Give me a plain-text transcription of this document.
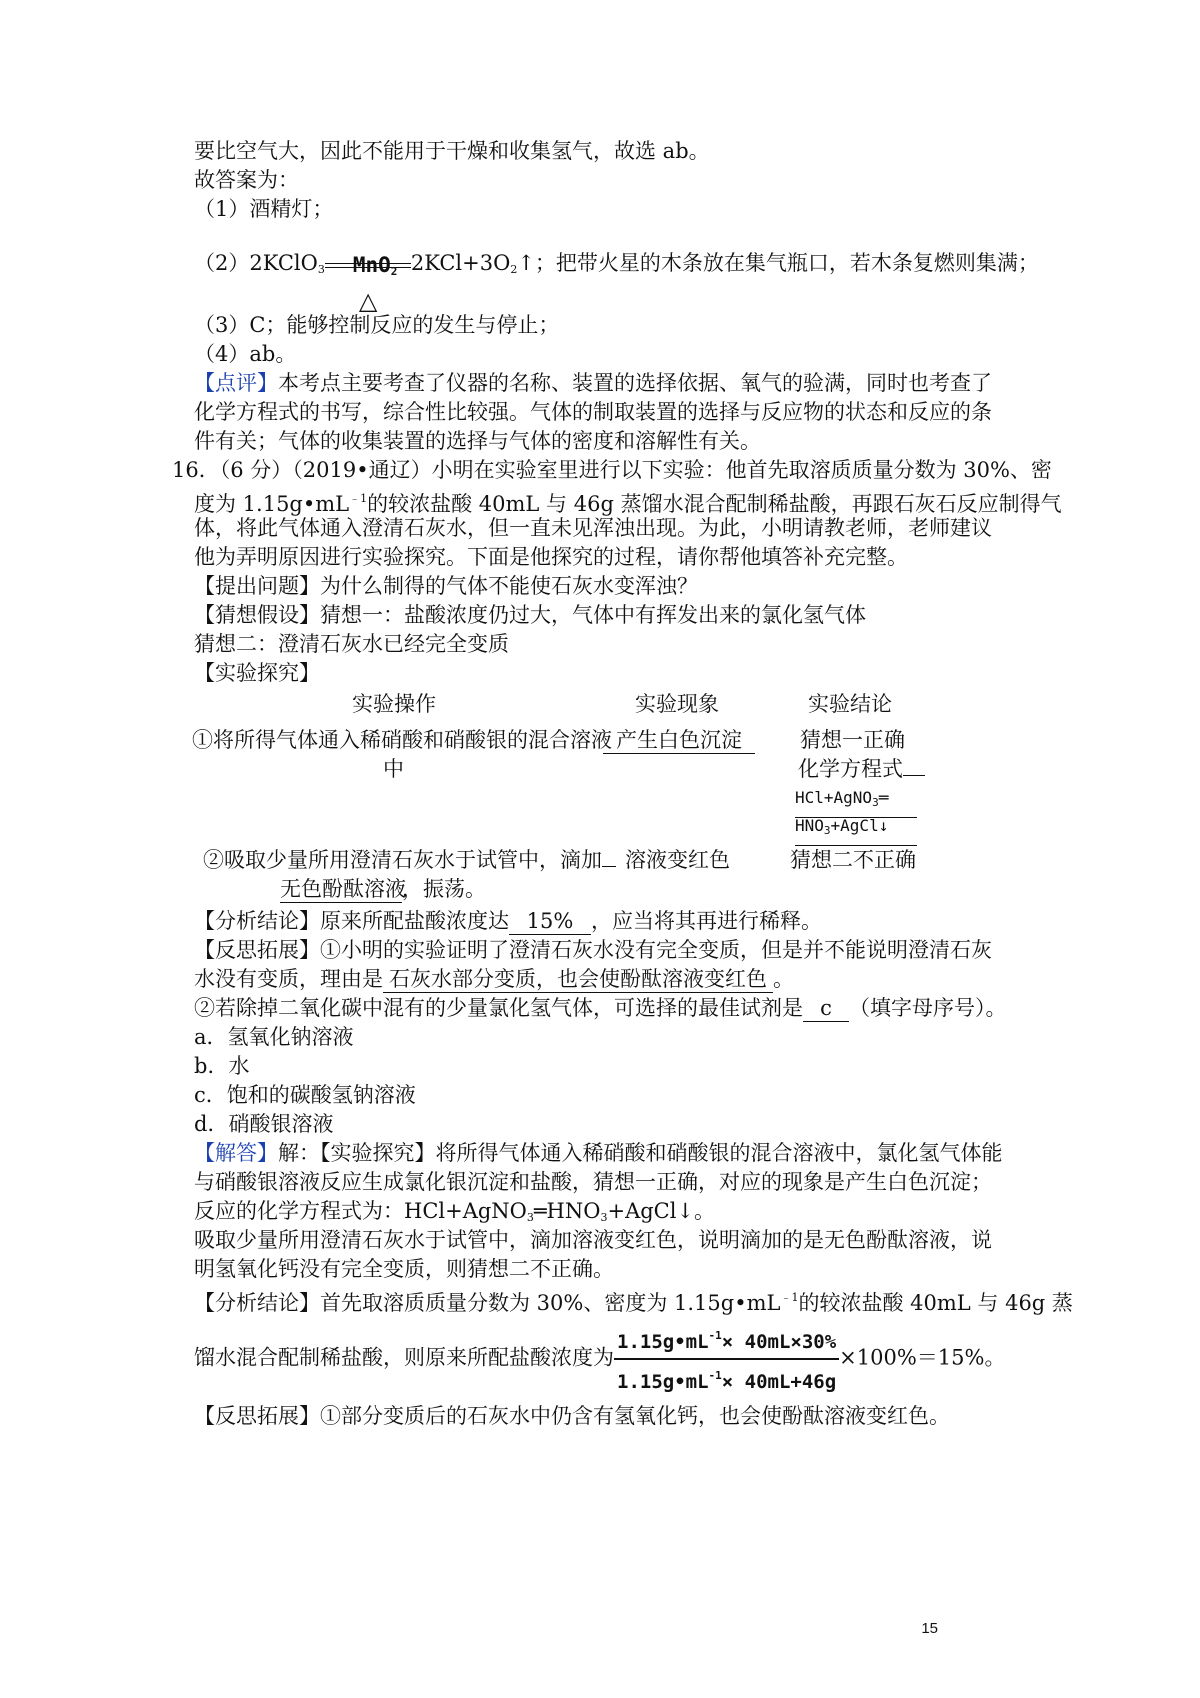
要比空气大，因此不能用于干燥和收集氢气，故选 ab。
故答案为：
（1）酒精灯；
（2）2KClO$_3$ MnO$_2$
△
$2KCl+3O_2↑$；把带火星的木条放在集气瓶口，若木条复燃则集满；
（3）C；能够控制反应的发生与停止；
（4）ab。
【点评】本考点主要考查了仪器的名称、装置的选择依据、氧气的验满，同时也考查了
化学方程式的书写，综合性比较强。气体的制取装置的选择与反应物的状态和反应的条
件有关；气体的收集装置的选择与气体的密度和溶解性有关。
16．（6 分）（2019•通辽）小明在实验室里进行以下实验：他首先取溶质质量分数为 30%、密
度为 $1.15g•mL^{﹣1}$的较浓盐酸 40mL 与 46g 蒸馏水混合配制稀盐酸，再跟石灰石反应制得气
体，将此气体通入澄清石灰水，但一直未见浑浊出现。为此，小明请教老师，老师建议
他为弄明原因进行实验探究。下面是他探究的过程，请你帮他填答补充完整。
【提出问题】为什么制得的气体不能使石灰水变浑浊？
【猜想假设】猜想一：盐酸浓度仍过大，气体中有挥发出来的氯化氢气体
猜想二：澄清石灰水已经完全变质
【实验探究】
实验操作	实验现象	实验结论
①将所得气体通入稀硝酸和硝酸银的混合溶液
中
产生白色沉淀	猜想一正确
化学方程式
HCl+AgNO$_3$═
$HNO_3+AgCl↓$
②吸取少量所用澄清石灰水于试管中，滴加
无色酚酞溶液，振荡。
溶液变红色	猜想二不正确
【分析结论】原来所配盐酸浓度达 15% ，应当将其再进行稀释。
【反思拓展】①小明的实验证明了澄清石灰水没有完全变质，但是并不能说明澄清石灰
水没有变质，理由是 石灰水部分变质，也会使酚酞溶液变红色 。
②若除掉二氧化碳中混有的少量氯化氢气体，可选择的最佳试剂是 c （填字母序号）。
a．氢氧化钠溶液
b．水
c．饱和的碳酸氢钠溶液
d．硝酸银溶液
【解答】解：【实验探究】将所得气体通入稀硝酸和硝酸银的混合溶液中，氯化氢气体能
与硝酸银溶液反应生成氯化银沉淀和盐酸，猜想一正确，对应的现象是产生白色沉淀；
反应的化学方程式为：$HCl+AgNO_3═HNO_3+AgCl↓$。
吸取少量所用澄清石灰水于试管中，滴加溶液变红色，说明滴加的是无色酚酞溶液，说
明氢氧化钙没有完全变质，则猜想二不正确。
【分析结论】首先取溶质质量分数为 30%、密度为 $1.15g•mL^{﹣1}$的较浓盐酸 40mL 与 46g 蒸
馏水混合配制稀盐酸，则原来所配盐酸浓度为 $\frac{1.15g•mL^{-1}\times 40mL\times 30\%}{1.15g•mL^{-1}\times 40mL+46g} \times 100\%=15\%$。
【反思拓展】①部分变质后的石灰水中仍含有氢氧化钙，也会使酚酞溶液变红色。
15
